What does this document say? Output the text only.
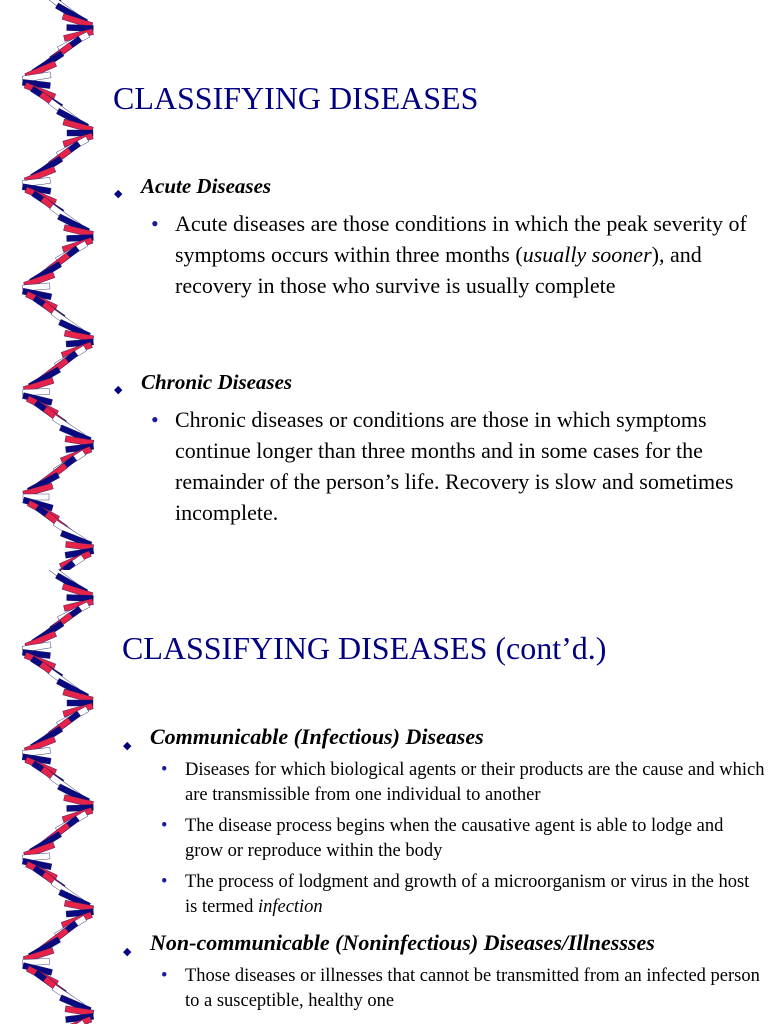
CLASSIFYING DISEASES
◆ Acute Diseases
• Acute diseases are those conditions in which the peak severity of symptoms occurs within three months (usually sooner), and recovery in those who survive is usually complete
◆ Chronic Diseases
• Chronic diseases or conditions are those in which symptoms continue longer than three months and in some cases for the remainder of the person’s life. Recovery is slow and sometimes incomplete.
CLASSIFYING DISEASES (cont’d.)
◆ Communicable (Infectious) Diseases
• Diseases for which biological agents or their products are the cause and which are transmissible from one individual to another
• The disease process begins when the causative agent is able to lodge and grow or reproduce within the body
• The process of lodgment and growth of a microorganism or virus in the host is termed infection
◆ Non-communicable (Noninfectious) Diseases/Illnessses
• Those diseases or illnesses that cannot be transmitted from an infected person to a susceptible, healthy one
